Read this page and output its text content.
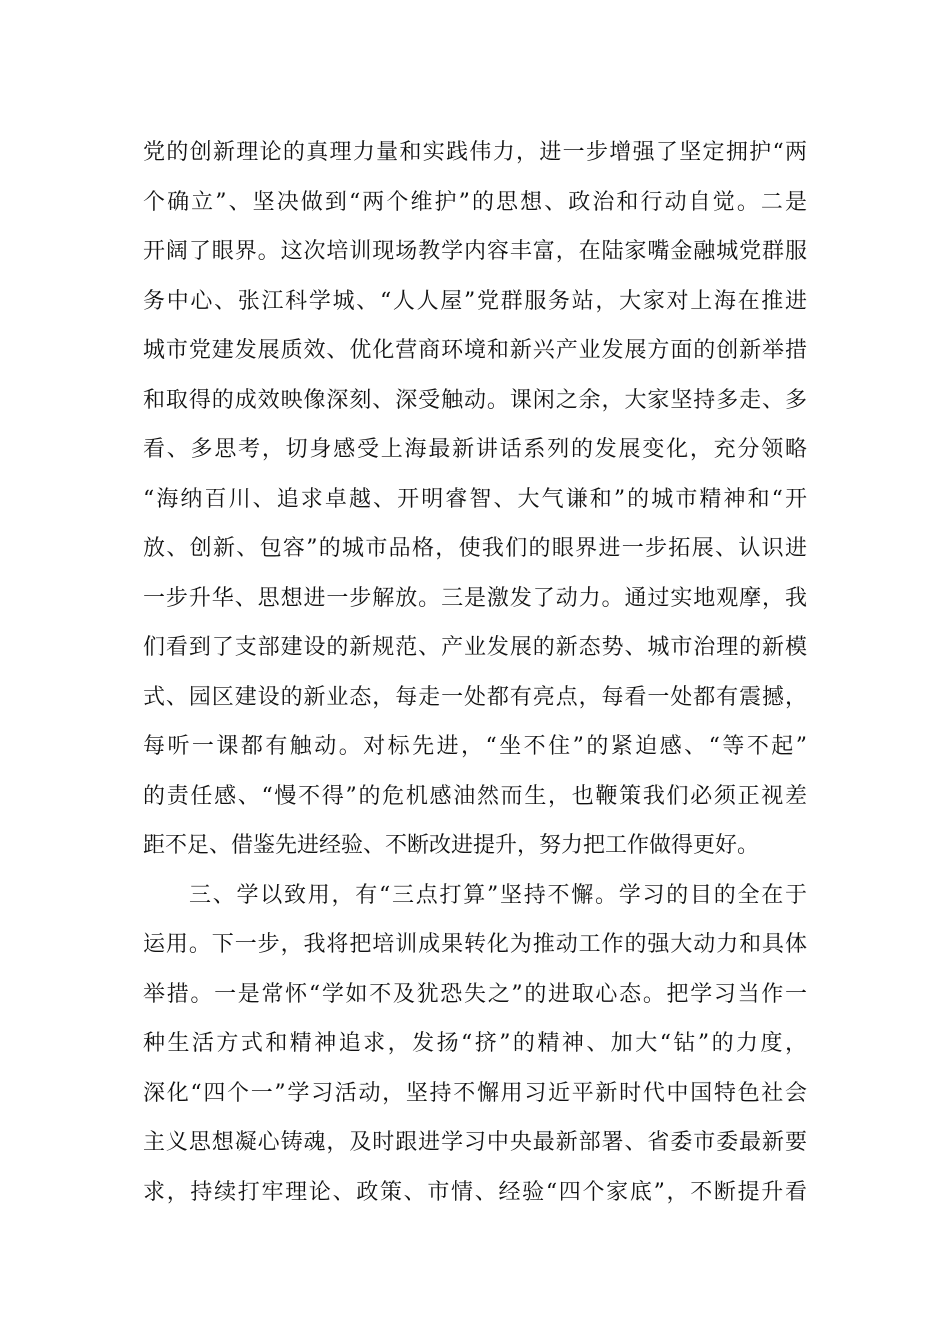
党的创新理论的真理力量和实践伟力，进一步增强了坚定拥护“两
个确立”、坚决做到“两个维护”的思想、政治和行动自觉。二是
开阔了眼界。这次培训现场教学内容丰富，在陆家嘴金融城党群服
务中心、张江科学城、“人人屋”党群服务站，大家对上海在推进
城市党建发展质效、优化营商环境和新兴产业发展方面的创新举措
和取得的成效映像深刻、深受触动。课闲之余，大家坚持多走、多
看、多思考，切身感受上海最新讲话系列的发展变化，充分领略
“海纳百川、追求卓越、开明睿智、大气谦和”的城市精神和“开
放、创新、包容”的城市品格，使我们的眼界进一步拓展、认识进
一步升华、思想进一步解放。三是激发了动力。通过实地观摩，我
们看到了支部建设的新规范、产业发展的新态势、城市治理的新模
式、园区建设的新业态，每走一处都有亮点，每看一处都有震撼，
每听一课都有触动。对标先进，“坐不住”的紧迫感、“等不起”
的责任感、“慢不得”的危机感油然而生，也鞭策我们必须正视差
距不足、借鉴先进经验、不断改进提升，努力把工作做得更好。
三、学以致用，有“三点打算”坚持不懈。学习的目的全在于
运用。下一步，我将把培训成果转化为推动工作的强大动力和具体
举措。一是常怀“学如不及犹恐失之”的进取心态。把学习当作一
种生活方式和精神追求，发扬“挤”的精神、加大“钻”的力度，
深化“四个一”学习活动，坚持不懈用习近平新时代中国特色社会
主义思想凝心铸魂，及时跟进学习中央最新部署、省委市委最新要
求，持续打牢理论、政策、市情、经验“四个家底”，不断提升看
